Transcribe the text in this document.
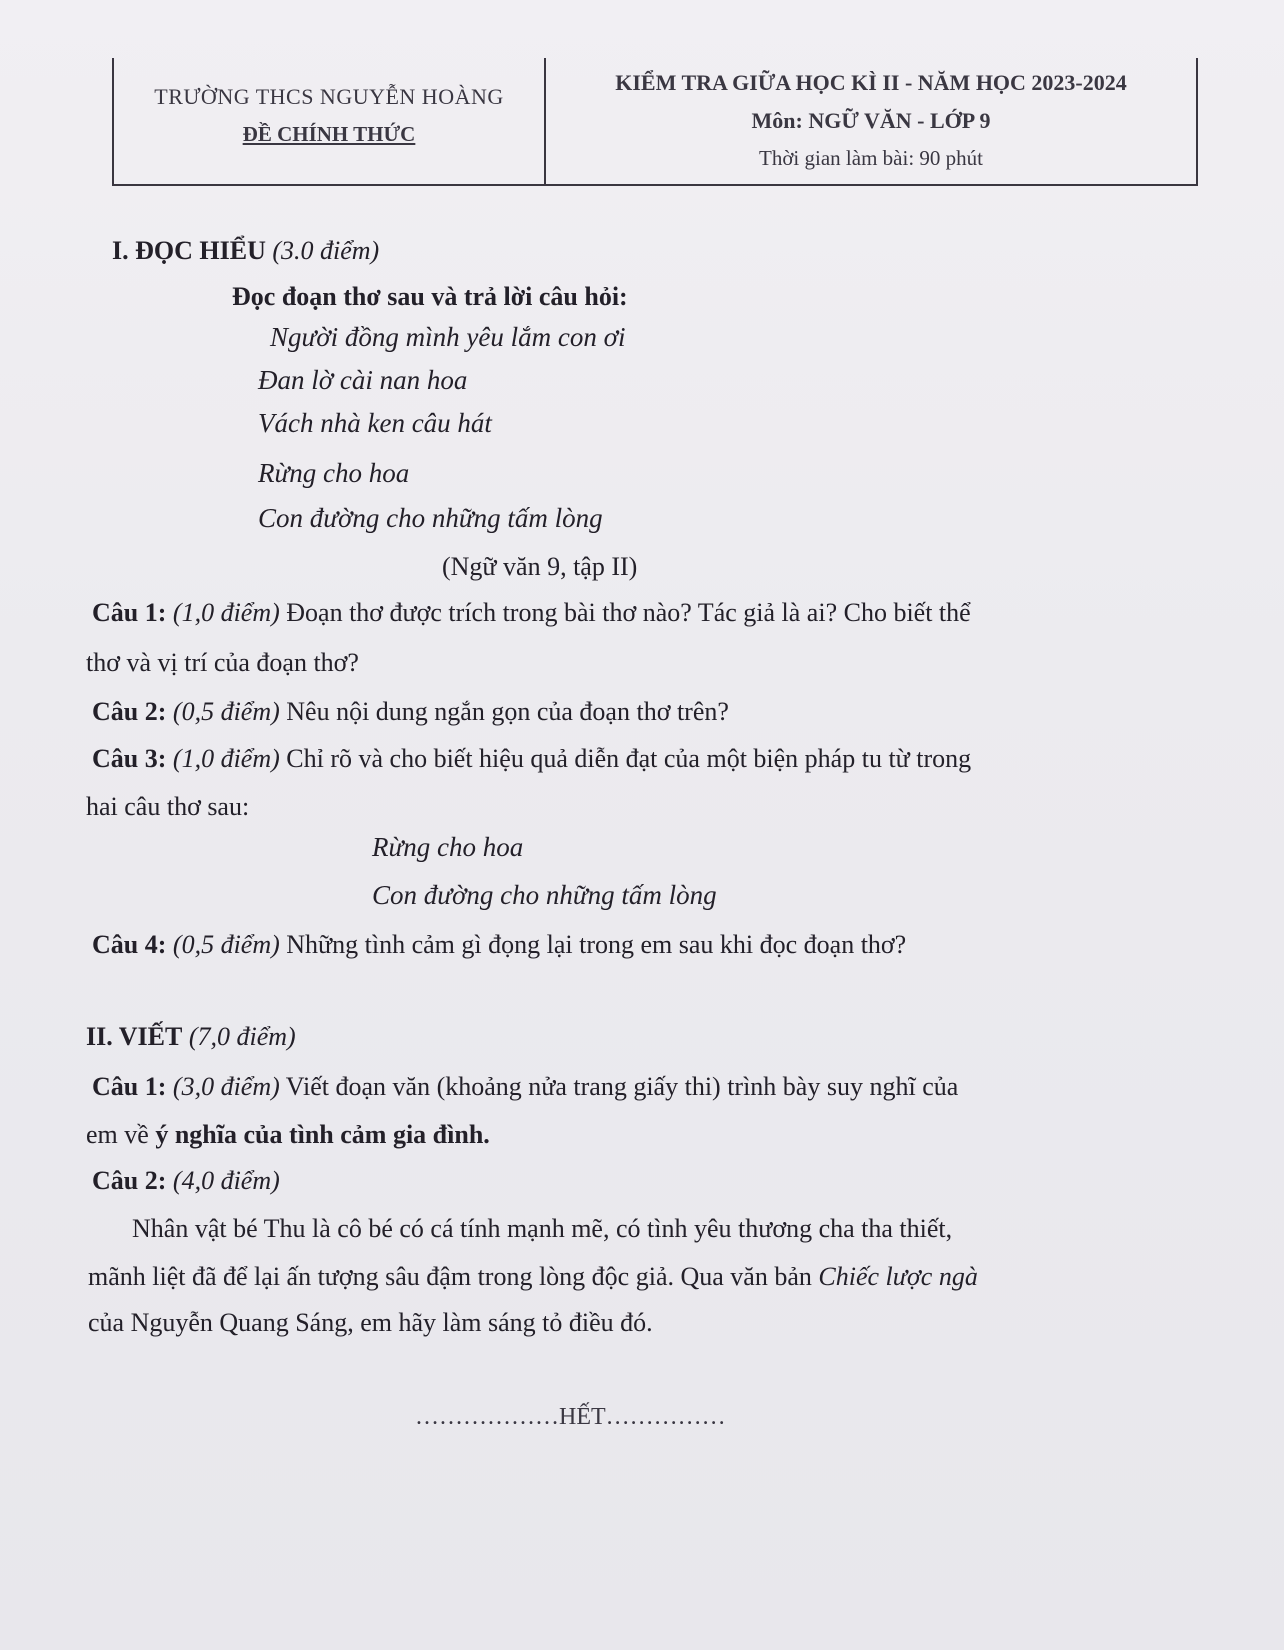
TRƯỜNG THCS NGUYỄN HOÀNG
ĐỀ CHÍNH THỨC
KIỂM TRA GIỮA HỌC KÌ II - NĂM HỌC 2023-2024
Môn: NGỮ VĂN - LỚP 9
Thời gian làm bài: 90 phút
I. ĐỌC HIỂU (3.0 điểm)
Đọc đoạn thơ sau và trả lời câu hỏi:
Người đồng mình yêu lắm con ơi
Đan lờ cài nan hoa
Vách nhà ken câu hát
Rừng cho hoa
Con đường cho những tấm lòng
(Ngữ văn 9, tập II)
Câu 1: (1,0 điểm) Đoạn thơ được trích trong bài thơ nào? Tác giả là ai? Cho biết thể
thơ và vị trí của đoạn thơ?
Câu 2: (0,5 điểm) Nêu nội dung ngắn gọn của đoạn thơ trên?
Câu 3: (1,0 điểm) Chỉ rõ và cho biết hiệu quả diễn đạt của một biện pháp tu từ trong
hai câu thơ sau:
Rừng cho hoa
Con đường cho những tấm lòng
Câu 4: (0,5 điểm) Những tình cảm gì đọng lại trong em sau khi đọc đoạn thơ?
II. VIẾT (7,0 điểm)
Câu 1: (3,0 điểm) Viết đoạn văn (khoảng nửa trang giấy thi) trình bày suy nghĩ của
em về ý nghĩa của tình cảm gia đình.
Câu 2: (4,0 điểm)
Nhân vật bé Thu là cô bé có cá tính mạnh mẽ, có tình yêu thương cha tha thiết,
mãnh liệt đã để lại ấn tượng sâu đậm trong lòng độc giả. Qua văn bản Chiếc lược ngà
của Nguyễn Quang Sáng, em hãy làm sáng tỏ điều đó.
………………HẾT……………
